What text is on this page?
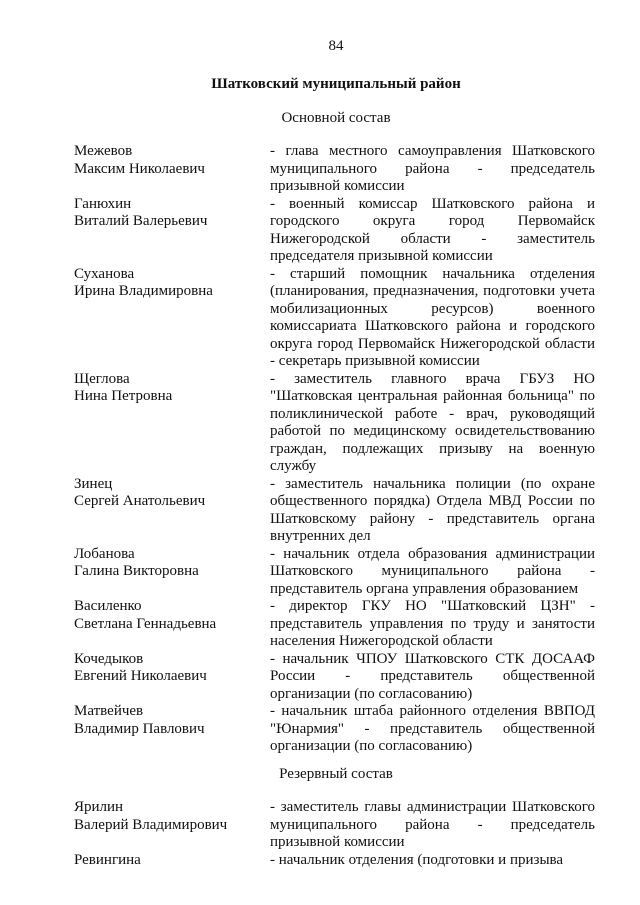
84
Шатковский муниципальный район
Основной состав
Межевов
Максим Николаевич
- глава местного самоуправления Шатковского муниципального района - председатель призывной комиссии
Ганюхин
Виталий Валерьевич
- военный комиссар Шатковского района и городского округа город Первомайск Нижегородской области - заместитель председателя призывной комиссии
Суханова
Ирина Владимировна
- старший помощник начальника отделения (планирования, предназначения, подготовки учета мобилизационных ресурсов) военного комиссариата Шатковского района и городского округа город Первомайск Нижегородской области - секретарь призывной комиссии
Щеглова
Нина Петровна
- заместитель главного врача ГБУЗ НО "Шатковская центральная районная больница" по поликлинической работе - врач, руководящий работой по медицинскому освидетельствованию граждан, подлежащих призыву на военную службу
Зинец
Сергей Анатольевич
- заместитель начальника полиции (по охране общественного порядка) Отдела МВД России по Шатковскому району - представитель органа внутренних дел
Лобанова
Галина Викторовна
- начальник отдела образования администрации Шатковского муниципального района - представитель органа управления образованием
Василенко
Светлана Геннадьевна
- директор ГКУ НО "Шатковский ЦЗН" - представитель управления по труду и занятости населения Нижегородской области
Кочедыков
Евгений Николаевич
- начальник ЧПОУ Шатковского СТК ДОСААФ России - представитель общественной организации (по согласованию)
Матвейчев
Владимир Павлович
- начальник штаба районного отделения ВВПОД "Юнармия" - представитель общественной организации (по согласованию)
Резервный состав
Ярилин
Валерий Владимирович
- заместитель главы администрации Шатковского муниципального района - председатель призывной комиссии
Ревингина	- начальник отделения (подготовки и призыва
